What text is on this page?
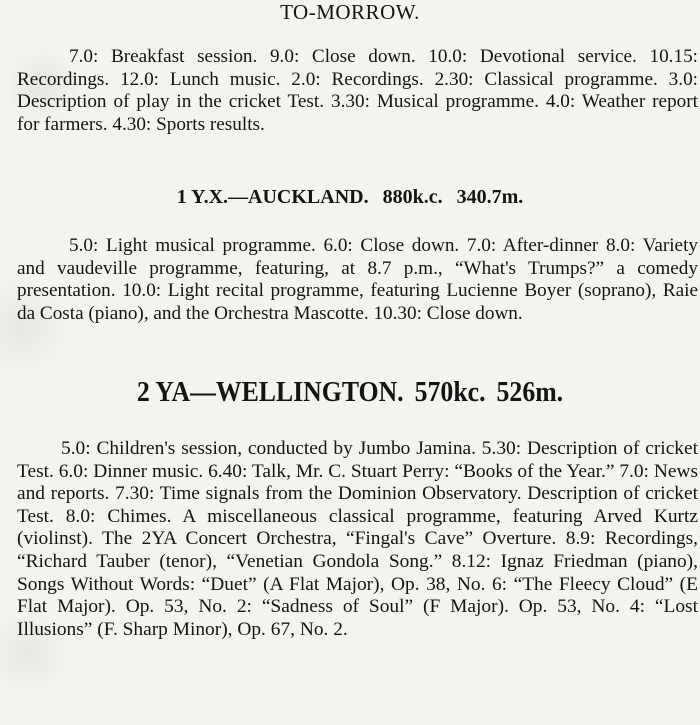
TO-MORROW.

7.0: Breakfast session. 9.0: Close down. 10.0: Devotional service. 10.15: Recordings. 12.0: Lunch music. 2.0: Recordings. 2.30: Classical programme. 3.0: Description of play in the cricket Test. 3.30: Musical programme. 4.0: Weather report for farmers. 4.30: Sports results.

1 Y.X.—AUCKLAND. 880k.c. 340.7m.

5.0: Light musical programme. 6.0: Close down. 7.0: After-dinner 8.0: Variety and vaudeville programme, featuring, at 8.7 p.m., “What's Trumps?” a comedy presentation. 10.0: Light recital programme, featuring Lucienne Boyer (soprano), Raie da Costa (piano), and the Orchestra Mascotte. 10.30: Close down.

2 YA—WELLINGTON. 570kc. 526m.

5.0: Children's session, conducted by Jumbo Jamina. 5.30: Description of cricket Test. 6.0: Dinner music. 6.40: Talk, Mr. C. Stuart Perry: “Books of the Year.” 7.0: News and reports. 7.30: Time signals from the Dominion Observatory. Description of cricket Test. 8.0: Chimes. A miscellaneous classical programme, featuring Arved Kurtz (violinst). The 2YA Concert Orchestra, “Fingal's Cave” Overture. 8.9: Recordings, “Richard Tauber (tenor), “Venetian Gondola Song.” 8.12: Ignaz Friedman (piano), Songs Without Words: “Duet” (A Flat Major), Op. 38, No. 6: “The Fleecy Cloud” (E Flat Major). Op. 53, No. 2: “Sadness of Soul” (F Major). Op. 53, No. 4: “Lost Illusions” (F. Sharp Minor), Op. 67, No. 2.
